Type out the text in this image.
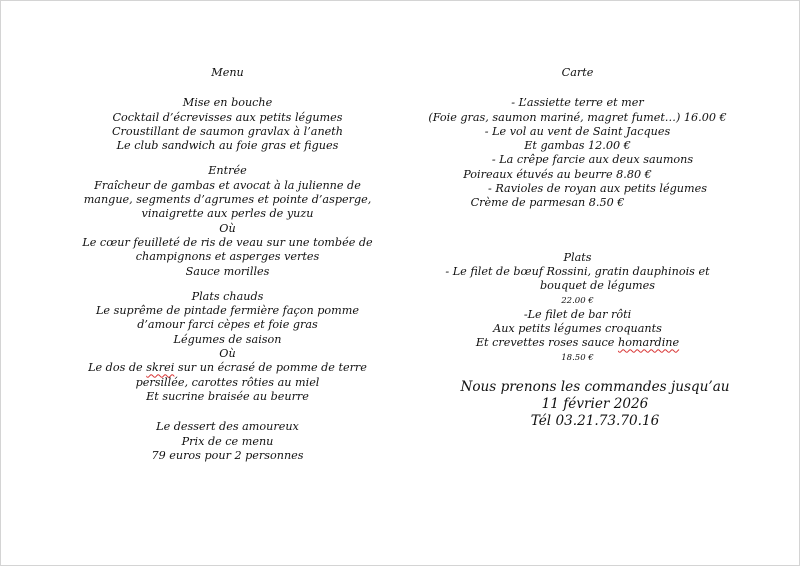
Menu
Mise en bouche
Cocktail d’écrevisses aux petits légumes
Croustillant de saumon gravlax à l’aneth
Le club sandwich au foie gras et figues
Entrée
Fraîcheur de gambas et avocat à la julienne de
mangue, segments d’agrumes et pointe d’asperge,
vinaigrette aux perles de yuzu
Où
Le cœur feuilleté de ris de veau sur une tombée de
champignons et asperges vertes
Sauce morilles
Plats chauds
Le suprême de pintade fermière façon pomme
d’amour farci cèpes et foie gras
Légumes de saison
Où
Le dos de skrei sur un écrasé de pomme de terre
persillée, carottes rôties au miel
Et sucrine braisée au beurre
Le dessert des amoureux
Prix de ce menu
79 euros pour 2 personnes
Carte
- L’assiette terre et mer
(Foie gras, saumon mariné, magret fumet…) 16.00 €
- Le vol au vent de Saint Jacques
Et gambas 12.00 €
- La crêpe farcie aux deux saumons
Poireaux étuvés au beurre 8.80 €
- Ravioles de royan aux petits légumes
Crème de parmesan 8.50 €
Plats
- Le filet de bœuf Rossini, gratin dauphinois et
bouquet de légumes
22.00 €
-Le filet de bar rôti
Aux petits légumes croquants
Et crevettes roses sauce homardine
18.50 €
Nous prenons les commandes jusqu’au
11 février 2026
Tél 03.21.73.70.16
